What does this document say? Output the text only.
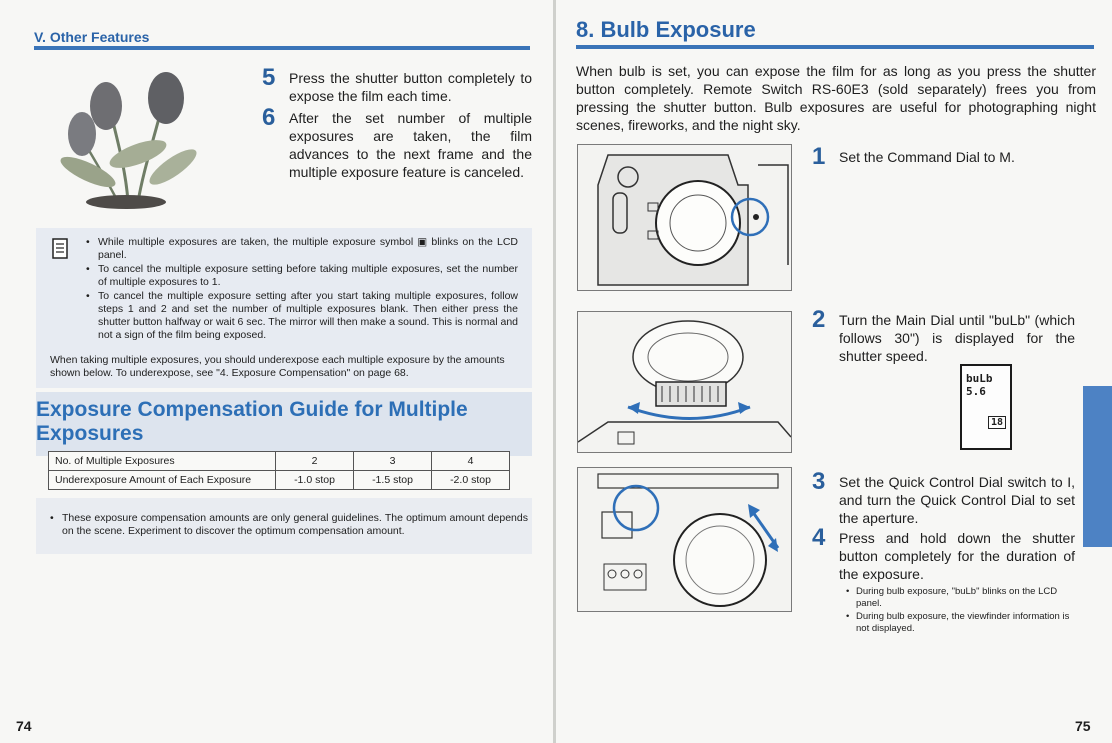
V. Other Features
5 Press the shutter button completely to expose the film each time.
6 After the set number of multiple exposures are taken, the film advances to the next frame and the multiple exposure feature is canceled.
• While multiple exposures are taken, the multiple exposure symbol ▣ blinks on the LCD panel.
• To cancel the multiple exposure setting before taking multiple exposures, set the number of multiple exposures to 1.
• To cancel the multiple exposure setting after you start taking multiple exposures, follow steps 1 and 2 and set the number of multiple exposures blank. Then either press the shutter button halfway or wait 6 sec. The mirror will then make a sound. This is normal and not a sign of the film being exposed.
When taking multiple exposures, you should underexpose each multiple exposure by the amounts shown below. To underexpose, see "4. Exposure Compensation" on page 68.
Exposure Compensation Guide for Multiple Exposures
No. of Multiple Exposures	2	3	4
Underexposure Amount of Each Exposure	-1.0 stop	-1.5 stop	-2.0 stop
• These exposure compensation amounts are only general guidelines. The optimum amount depends on the scene. Experiment to discover the optimum compensation amount.
74
8. Bulb Exposure
When bulb is set, you can expose the film for as long as you press the shutter button completely. Remote Switch RS-60E3 (sold separately) frees you from pressing the shutter button. Bulb exposures are useful for photographing night scenes, fireworks, and the night sky.
1 Set the Command Dial to M.
2 Turn the Main Dial until "buLb" (which follows 30") is displayed for the shutter speed.
buLb 5.6
18
3 Set the Quick Control Dial switch to I, and turn the Quick Control Dial to set the aperture.
4 Press and hold down the shutter button completely for the duration of the exposure.
• During bulb exposure, "buLb" blinks on the LCD panel.
• During bulb exposure, the viewfinder information is not displayed.
75
